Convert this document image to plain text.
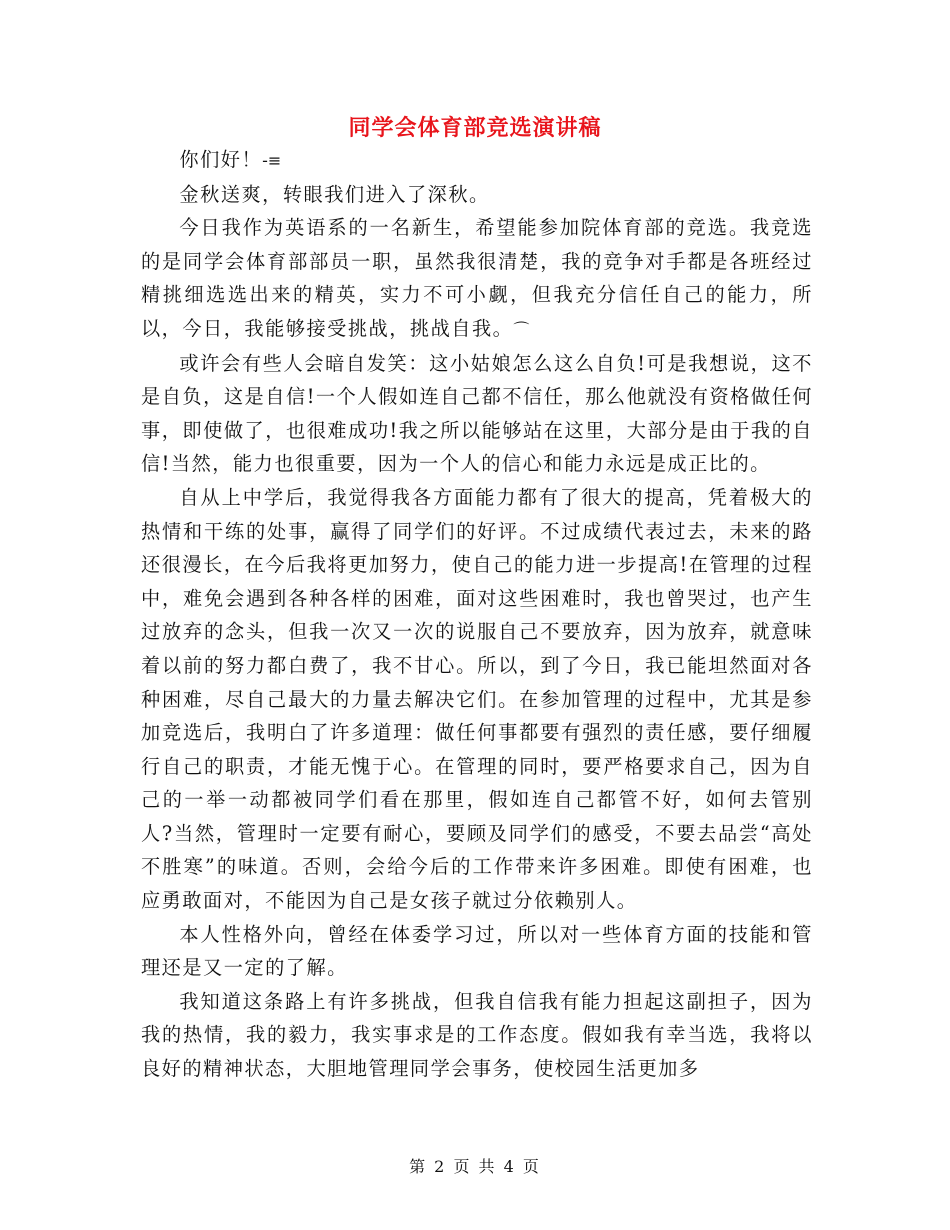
同学会体育部竞选演讲稿

你们好！-≡

金秋送爽，转眼我们进入了深秋。

今日我作为英语系的一名新生，希望能参加院体育部的竞选。我竞选的是同学会体育部部员一职，虽然我很清楚，我的竞争对手都是各班经过精挑细选选出来的精英，实力不可小觑，但我充分信任自己的能力，所以，今日，我能够接受挑战，挑战自我。⌒

或许会有些人会暗自发笑：这小姑娘怎么这么自负!可是我想说，这不是自负，这是自信!一个人假如连自己都不信任，那么他就没有资格做任何事，即使做了，也很难成功!我之所以能够站在这里，大部分是由于我的自信!当然，能力也很重要，因为一个人的信心和能力永远是成正比的。

自从上中学后，我觉得我各方面能力都有了很大的提高，凭着极大的热情和干练的处事，赢得了同学们的好评。不过成绩代表过去，未来的路还很漫长，在今后我将更加努力，使自己的能力进一步提高!在管理的过程中，难免会遇到各种各样的困难，面对这些困难时，我也曾哭过，也产生过放弃的念头，但我一次又一次的说服自己不要放弃，因为放弃，就意味着以前的努力都白费了，我不甘心。所以，到了今日，我已能坦然面对各种困难，尽自己最大的力量去解决它们。在参加管理的过程中，尤其是参加竞选后，我明白了许多道理：做任何事都要有强烈的责任感，要仔细履行自己的职责，才能无愧于心。在管理的同时，要严格要求自己，因为自己的一举一动都被同学们看在那里，假如连自己都管不好，如何去管别人?当然，管理时一定要有耐心，要顾及同学们的感受，不要去品尝“高处不胜寒”的味道。否则，会给今后的工作带来许多困难。即使有困难，也应勇敢面对，不能因为自己是女孩子就过分依赖别人。

本人性格外向，曾经在体委学习过，所以对一些体育方面的技能和管理还是又一定的了解。

我知道这条路上有许多挑战，但我自信我有能力担起这副担子，因为我的热情，我的毅力，我实事求是的工作态度。假如我有幸当选，我将以良好的精神状态，大胆地管理同学会事务，使校园生活更加多

第 2 页 共 4 页
